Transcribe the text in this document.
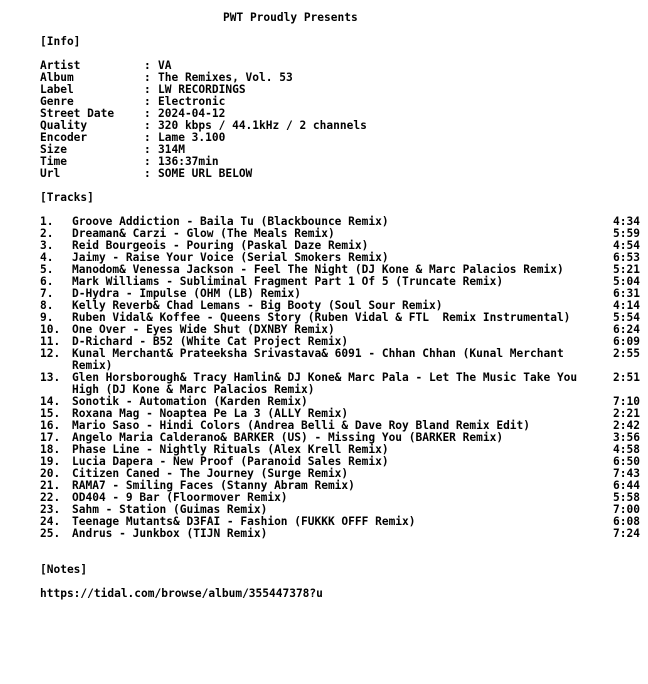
PWT Proudly Presents
[Info]
Artist	: VA
Album	: The Remixes, Vol. 53
Label	: LW RECORDINGS
Genre	: Electronic
Street Date	: 2024-04-12
Quality	: 320 kbps / 44.1kHz / 2 channels
Encoder	: Lame 3.100
Size	: 314M
Time	: 136:37min
Url	: SOME URL BELOW
[Tracks]
1.	Groove Addiction - Baila Tu (Blackbounce Remix)	4:34
2.	Dreaman& Carzi - Glow (The Meals Remix)	5:59
3.	Reid Bourgeois - Pouring (Paskal Daze Remix)	4:54
4.	Jaimy - Raise Your Voice (Serial Smokers Remix)	6:53
5.	Manodom& Venessa Jackson - Feel The Night (DJ Kone & Marc Palacios Remix)	5:21
6.	Mark Williams - Subliminal Fragment Part 1 Of 5 (Truncate Remix)	5:04
7.	D-Hydra - Impulse (OHM (LB) Remix)	6:31
8.	Kelly Reverb& Chad Lemans - Big Booty (Soul Sour Remix)	4:14
9.	Ruben Vidal& Koffee - Queens Story (Ruben Vidal & FTL  Remix Instrumental)	5:54
10.	One Over - Eyes Wide Shut (DXNBY Remix)	6:24
11.	D-Richard - B52 (White Cat Project Remix)	6:09
12.	Kunal Merchant& Prateeksha Srivastava& 6091 - Chhan Chhan (Kunal Merchant Remix)
2:55
13.	Glen Horsborough& Tracy Hamlin& DJ Kone& Marc Pala - Let The Music Take You High (DJ Kone & Marc Palacios Remix)
2:51
14.	Sonotik - Automation (Karden Remix)	7:10
15.	Roxana Mag - Noaptea Pe La 3 (ALLY Remix)	2:21
16.	Mario Saso - Hindi Colors (Andrea Belli & Dave Roy Bland Remix Edit)	2:42
17.	Angelo Maria Calderano& BARKER (US) - Missing You (BARKER Remix)	3:56
18.	Phase Line - Nightly Rituals (Alex Krell Remix)	4:58
19.	Lucia Dapera - New Proof (Paranoid Sales Remix)	6:50
20.	Citizen Caned - The Journey (Surge Remix)	7:43
21.	RAMA7 - Smiling Faces (Stanny Abram Remix)	6:44
22.	OD404 - 9 Bar (Floormover Remix)	5:58
23.	Sahm - Station (Guimas Remix)	7:00
24.	Teenage Mutants& D3FAI - Fashion (FUKKK OFFF Remix)	6:08
25.	Andrus - Junkbox (TIJN Remix)	7:24
[Notes]
https://tidal.com/browse/album/355447378?u
